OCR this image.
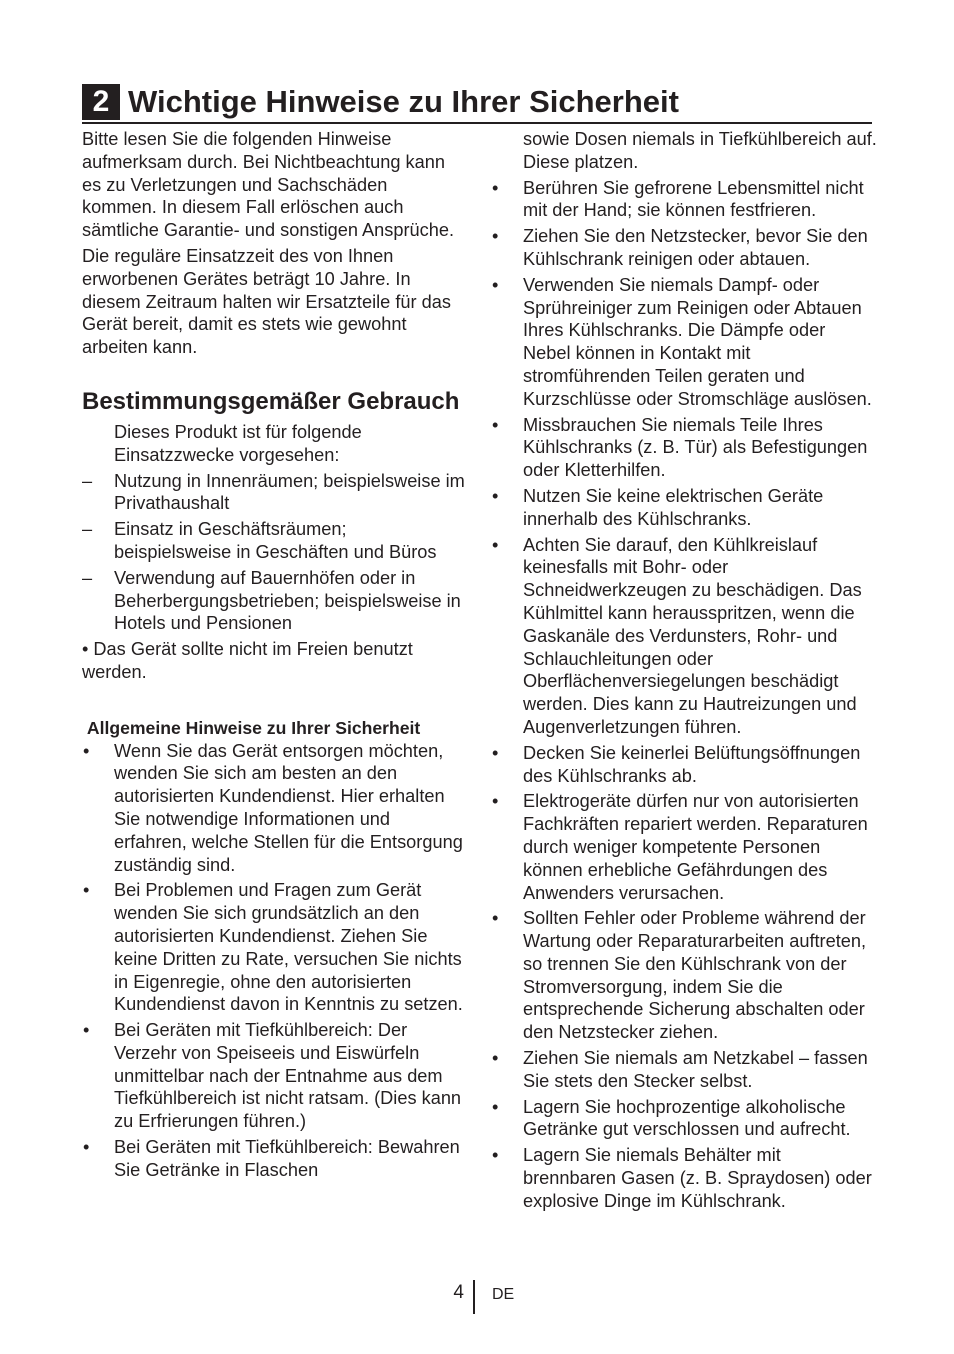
2 Wichtige Hinweise zu Ihrer Sicherheit

Bitte lesen Sie die folgenden Hinweise aufmerksam durch. Bei Nichtbeachtung kann es zu Verletzungen und Sachschäden kommen. In diesem Fall erlöschen auch sämtliche Garantie- und sonstigen Ansprüche.

Die reguläre Einsatzzeit des von Ihnen erworbenen Gerätes beträgt 10 Jahre. In diesem Zeitraum halten wir Ersatzteile für das Gerät bereit, damit es stets wie gewohnt arbeiten kann.

Bestimmungsgemäßer Gebrauch

Dieses Produkt ist für folgende Einsatzzwecke vorgesehen:

–	Nutzung in Innenräumen; beispielsweise im Privathaushalt
–	Einsatz in Geschäftsräumen; beispielsweise in Geschäften und Büros
–	Verwendung auf Bauernhöfen oder in Beherbergungsbetrieben; beispielsweise in Hotels und Pensionen

• Das Gerät sollte nicht im Freien benutzt werden.

Allgemeine Hinweise zu Ihrer Sicherheit
•	Wenn Sie das Gerät entsorgen möchten, wenden Sie sich am besten an den autorisierten Kundendienst. Hier erhalten Sie notwendige Informationen und erfahren, welche Stellen für die Entsorgung zuständig sind.
•	Bei Problemen und Fragen zum Gerät wenden Sie sich grundsätzlich an den autorisierten Kundendienst. Ziehen Sie keine Dritten zu Rate, versuchen Sie nichts in Eigenregie, ohne den autorisierten Kundendienst davon in Kenntnis zu setzen.
•	Bei Geräten mit Tiefkühlbereich: Der Verzehr von Speiseeis und Eiswürfeln unmittelbar nach der Entnahme aus dem Tiefkühlbereich ist nicht ratsam. (Dies kann zu Erfrierungen führen.)
•	Bei Geräten mit Tiefkühlbereich: Bewahren Sie Getränke in Flaschen

sowie Dosen niemals in Tiefkühlbereich auf. Diese platzen.

•	Berühren Sie gefrorene Lebensmittel nicht mit der Hand; sie können festfrieren.
•	Ziehen Sie den Netzstecker, bevor Sie den Kühlschrank reinigen oder abtauen.
•	Verwenden Sie niemals Dampf- oder Sprühreiniger zum Reinigen oder Abtauen Ihres Kühlschranks. Die Dämpfe oder Nebel können in Kontakt mit stromführenden Teilen geraten und Kurzschlüsse oder Stromschläge auslösen.
•	Missbrauchen Sie niemals Teile Ihres Kühlschranks (z. B. Tür) als Befestigungen oder Kletterhilfen.
•	Nutzen Sie keine elektrischen Geräte innerhalb des Kühlschranks.
•	Achten Sie darauf, den Kühlkreislauf keinesfalls mit Bohr- oder Schneidwerkzeugen zu beschädigen. Das Kühlmittel kann herausspritzen, wenn die Gaskanäle des Verdunsters, Rohr- und Schlauchleitungen oder Oberflächenversiegelungen beschädigt werden. Dies kann zu Hautreizungen und Augenverletzungen führen.
•	Decken Sie keinerlei Belüftungsöffnungen des Kühlschranks ab.
•	Elektrogeräte dürfen nur von autorisierten Fachkräften repariert werden. Reparaturen durch weniger kompetente Personen können erhebliche Gefährdungen des Anwenders verursachen.
•	Sollten Fehler oder Probleme während der Wartung oder Reparaturarbeiten auftreten, so trennen Sie den Kühlschrank von der Stromversorgung, indem Sie die entsprechende Sicherung abschalten oder den Netzstecker ziehen.
•	Ziehen Sie niemals am Netzkabel – fassen Sie stets den Stecker selbst.
•	Lagern Sie hochprozentige alkoholische Getränke gut verschlossen und aufrecht.
•	Lagern Sie niemals Behälter mit brennbaren Gasen (z. B. Spraydosen) oder explosive Dinge im Kühlschrank.
4 DE
